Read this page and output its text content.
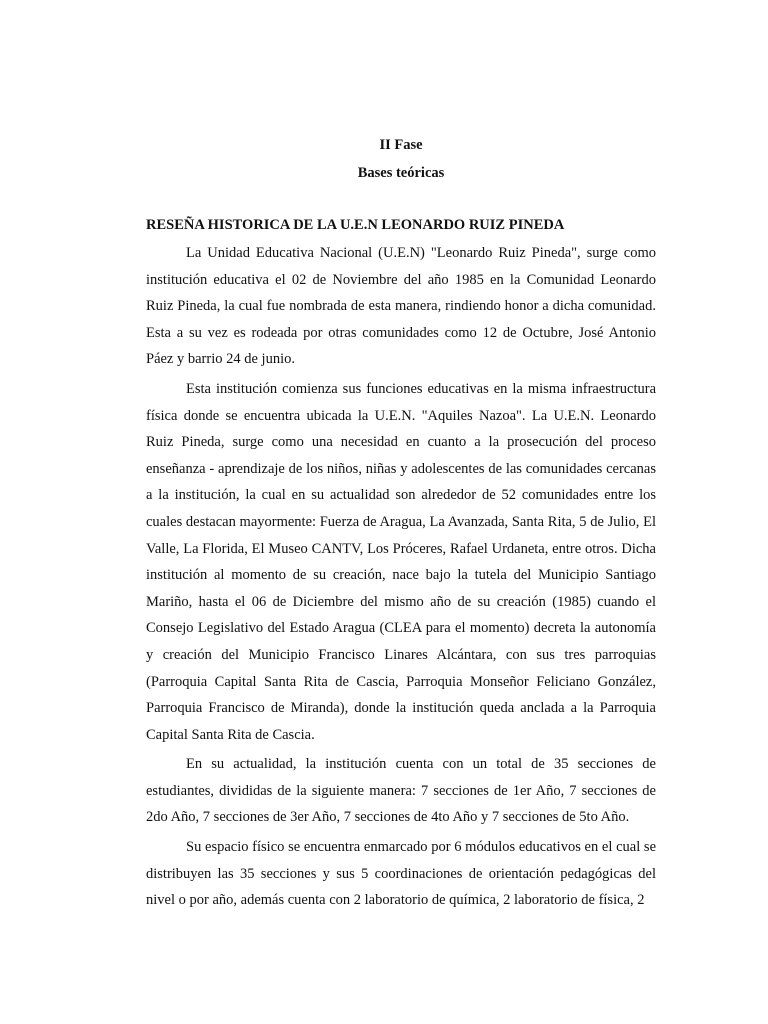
II Fase
Bases teóricas
RESEÑA HISTORICA DE LA U.E.N LEONARDO RUIZ PINEDA

La Unidad Educativa Nacional (U.E.N) "Leonardo Ruiz Pineda", surge como institución educativa el 02 de Noviembre del año 1985 en la Comunidad Leonardo Ruiz Pineda, la cual fue nombrada de esta manera, rindiendo honor a dicha comunidad. Esta a su vez es rodeada por otras comunidades como 12 de Octubre, José Antonio Páez y barrio 24 de junio.

Esta institución comienza sus funciones educativas en la misma infraestructura física donde se encuentra ubicada la U.E.N. "Aquiles Nazoa". La U.E.N. Leonardo Ruiz Pineda, surge como una necesidad en cuanto a la prosecución del proceso enseñanza - aprendizaje de los niños, niñas y adolescentes de las comunidades cercanas a la institución, la cual en su actualidad son alrededor de 52 comunidades entre los cuales destacan mayormente: Fuerza de Aragua, La Avanzada, Santa Rita, 5 de Julio, El Valle, La Florida, El Museo CANTV, Los Próceres, Rafael Urdaneta, entre otros. Dicha institución al momento de su creación, nace bajo la tutela del Municipio Santiago Mariño, hasta el 06 de Diciembre del mismo año de su creación (1985) cuando el Consejo Legislativo del Estado Aragua (CLEA para el momento) decreta la autonomía y creación del Municipio Francisco Linares Alcántara, con sus tres parroquias (Parroquia Capital Santa Rita de Cascia, Parroquia Monseñor Feliciano González, Parroquia Francisco de Miranda), donde la institución queda anclada a la Parroquia Capital Santa Rita de Cascia.

En su actualidad, la institución cuenta con un total de 35 secciones de estudiantes, divididas de la siguiente manera: 7 secciones de 1er Año, 7 secciones de 2do Año, 7 secciones de 3er Año, 7 secciones de 4to Año y 7 secciones de 5to Año.

Su espacio físico se encuentra enmarcado por 6 módulos educativos en el cual se distribuyen las 35 secciones y sus 5 coordinaciones de orientación pedagógicas del nivel o por año, además cuenta con 2 laboratorio de química, 2 laboratorio de física, 2
